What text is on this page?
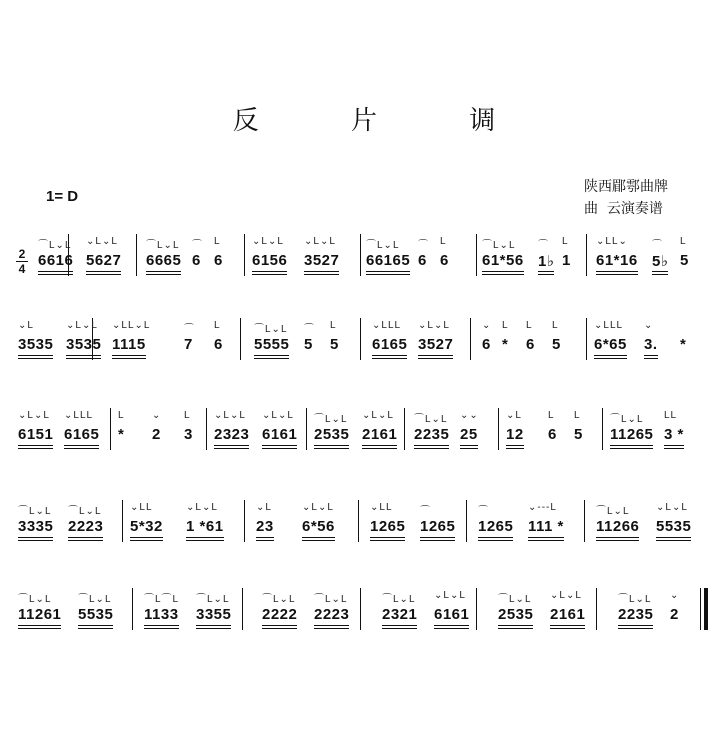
反 片 调
1= D
陕西郿鄠曲牌
曲  云演奏谱
2
4
⌒L⌄L
6616
⌄L⌄L
5627
⌒L⌄L
6665
⌒
6
L
6
⌄L⌄L
6156
⌄L⌄L
3527
⌒L⌄L
66165
⌒
6
L
6
⌒L⌄L
61*56
⌒
1♭
L
1
⌄LL⌄
61*16
⌒
5♭
L
5
⌄L
3535
⌄L⌄L
3535
⌄LL⌄L
1115
⌒
7
L
6
⌒L⌄L
5555
⌒
5
L
5
⌄LLL
6165
⌄L⌄L
3527
⌄
6
L
*
L
6
L
5
⌄LLL
6*65
⌄
3. *
⌄L⌄L
6151
⌄LLL
6165
L
*
⌄
2
L
3
⌄L⌄L
2323
⌄L⌄L
6161
⌒L⌄L
2535
⌄L⌄L
2161
⌒L⌄L
2235
⌄⌄
25
⌄L
12
L
6
L
5
⌒L⌄L
11265
LL
3 *
⌒L⌄L
3335
⌒L⌄L
2223
⌄LL
5*32
⌄L⌄L
1 *61
⌄L
23
⌄L⌄L
6*56
⌄LL
1265
⌒
1265
⌒
1265
⌄---L
111 *
⌒L⌄L
11266
⌄L⌄L
5535
⌒L⌄L
11261
⌒L⌄L
5535
⌒L⌒L
1133
⌒L⌄L
3355
⌒L⌄L
2222
⌒L⌄L
2223
⌒L⌄L
2321
⌄L⌄L
6161
⌒L⌄L
2535
⌄L⌄L
2161
⌒L⌄L
2235
⌄
2
